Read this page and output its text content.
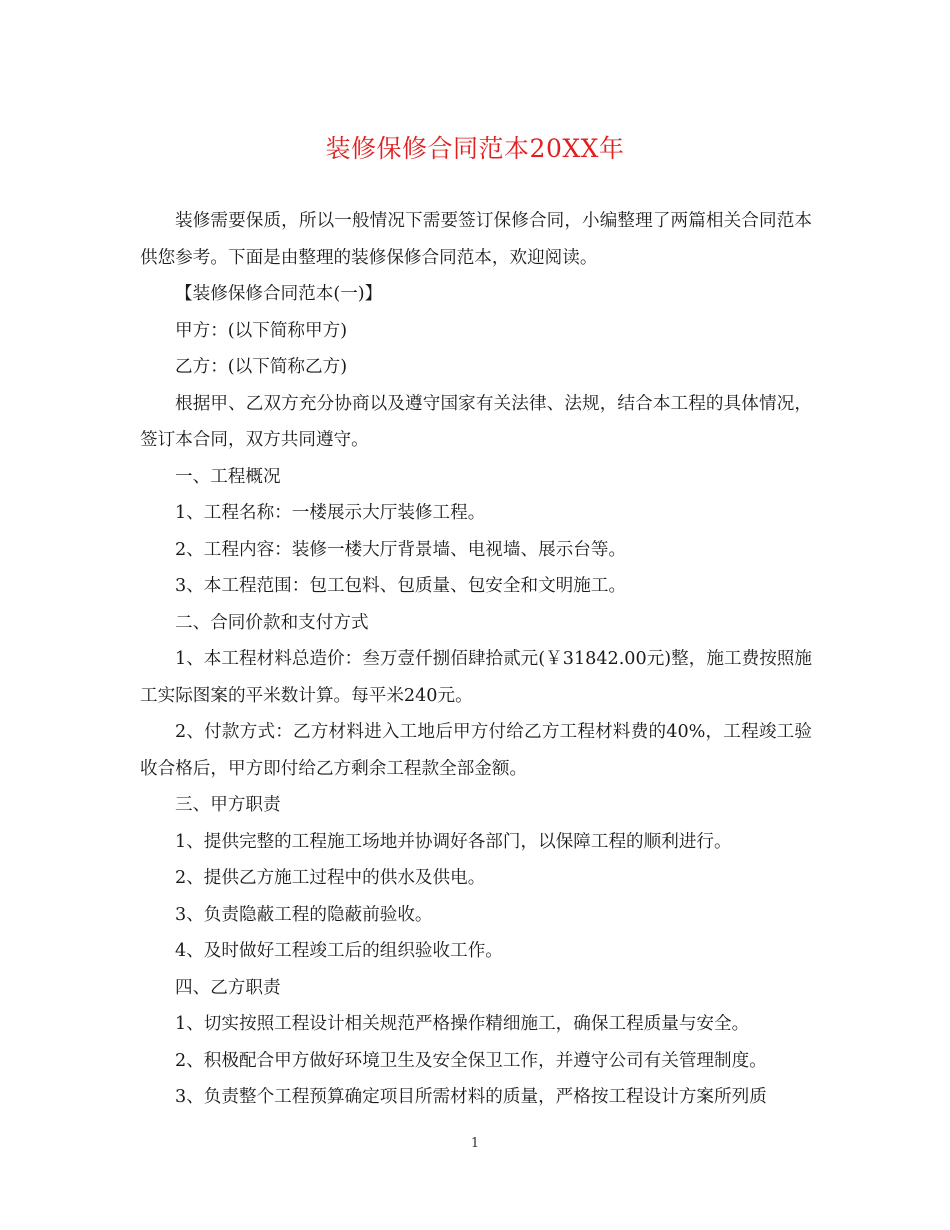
装修保修合同范本20XX年

装修需要保质，所以一般情况下需要签订保修合同，小编整理了两篇相关合同范本供您参考。下面是由整理的装修保修合同范本，欢迎阅读。

【装修保修合同范本(一)】

甲方：(以下简称甲方)

乙方：(以下简称乙方)

根据甲、乙双方充分协商以及遵守国家有关法律、法规，结合本工程的具体情况，签订本合同，双方共同遵守。

一、工程概况

1、工程名称：一楼展示大厅装修工程。

2、工程内容：装修一楼大厅背景墙、电视墙、展示台等。

3、本工程范围：包工包料、包质量、包安全和文明施工。

二、合同价款和支付方式

1、本工程材料总造价：叁万壹仟捌佰肆拾贰元(￥31842.00元)整，施工费按照施工实际图案的平米数计算。每平米240元。

2、付款方式：乙方材料进入工地后甲方付给乙方工程材料费的40%，工程竣工验收合格后，甲方即付给乙方剩余工程款全部金额。

三、甲方职责

1、提供完整的工程施工场地并协调好各部门，以保障工程的顺利进行。

2、提供乙方施工过程中的供水及供电。

3、负责隐蔽工程的隐蔽前验收。

4、及时做好工程竣工后的组织验收工作。

四、乙方职责

1、切实按照工程设计相关规范严格操作精细施工，确保工程质量与安全。

2、积极配合甲方做好环境卫生及安全保卫工作，并遵守公司有关管理制度。

3、负责整个工程预算确定项目所需材料的质量，严格按工程设计方案所列质

1
